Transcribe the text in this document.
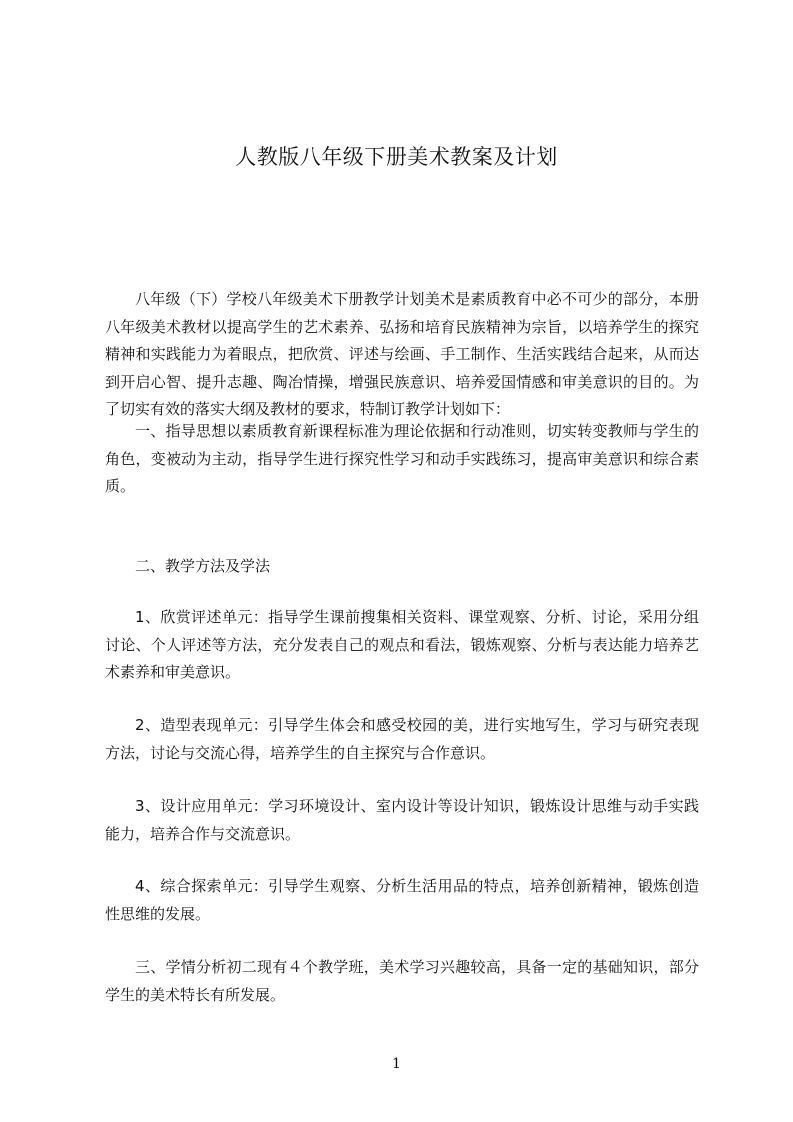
人教版八年级下册美术教案及计划

八年级（下）学校八年级美术下册教学计划美术是素质教育中必不可少的部分，本册八年级美术教材以提高学生的艺术素养、弘扬和培育民族精神为宗旨，以培养学生的探究精神和实践能力为着眼点，把欣赏、评述与绘画、手工制作、生活实践结合起来，从而达到开启心智、提升志趣、陶冶情操，增强民族意识、培养爱国情感和审美意识的目的。为了切实有效的落实大纲及教材的要求，特制订教学计划如下：

一、指导思想以素质教育新课程标准为理论依据和行动准则，切实转变教师与学生的角色，变被动为主动，指导学生进行探究性学习和动手实践练习，提高审美意识和综合素质。

二、教学方法及学法

1、欣赏评述单元：指导学生课前搜集相关资料、课堂观察、分析、讨论，采用分组讨论、个人评述等方法，充分发表自己的观点和看法，锻炼观察、分析与表达能力培养艺术素养和审美意识。

2、造型表现单元：引导学生体会和感受校园的美，进行实地写生，学习与研究表现方法，讨论与交流心得，培养学生的自主探究与合作意识。

3、设计应用单元：学习环境设计、室内设计等设计知识，锻炼设计思维与动手实践能力，培养合作与交流意识。

4、综合探索单元：引导学生观察、分析生活用品的特点，培养创新精神，锻炼创造性思维的发展。

三、学情分析初二现有４个教学班，美术学习兴趣较高，具备一定的基础知识，部分学生的美术特长有所发展。

1
